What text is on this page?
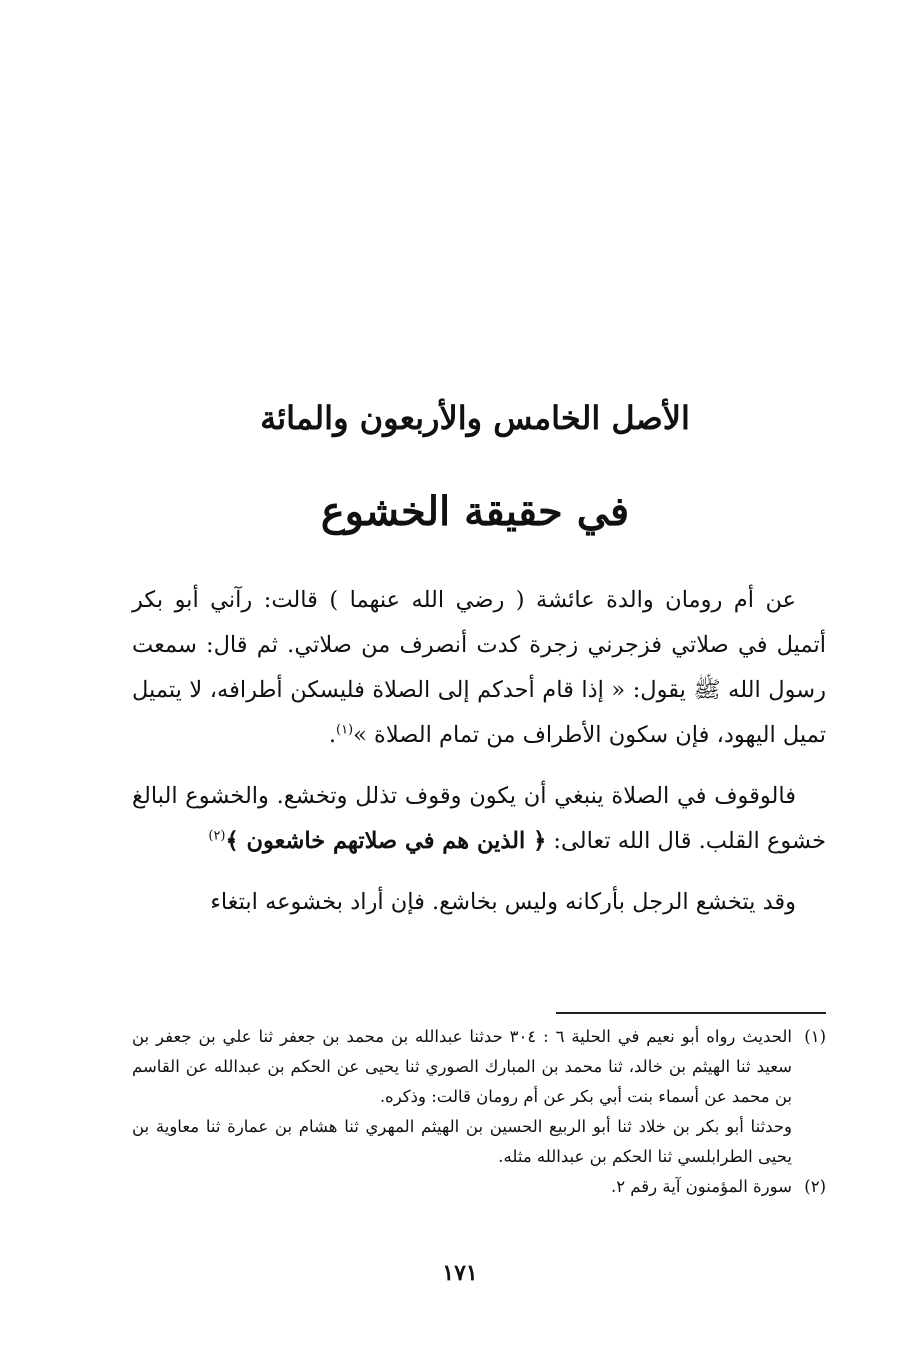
الأصل الخامس والأربعون والمائة
في حقيقة الخشوع

عن أم رومان والدة عائشة ( رضي الله عنهما ) قالت: رآني أبو بكر أتميل في صلاتي فزجرني زجرة كدت أنصرف من صلاتي. ثم قال: سمعت رسول الله ﷺ يقول: « إذا قام أحدكم إلى الصلاة فليسكن أطرافه، لا يتميل تميل اليهود، فإن سكون الأطراف من تمام الصلاة »$^{(١)}$.

فالوقوف في الصلاة ينبغي أن يكون وقوف تذلل وتخشع. والخشوع البالغ خشوع القلب. قال الله تعالى: ﴿ الذين هم في صلاتهم خاشعون ﴾$^{(٢)}$

وقد يتخشع الرجل بأركانه وليس بخاشع. فإن أراد بخشوعه ابتغاء

(١)
الحديث رواه أبو نعيم في الحلية ٦ : ٣٠٤ حدثنا عبدالله بن محمد بن جعفر ثنا علي بن جعفر بن سعيد ثنا الهيثم بن خالد، ثنا محمد بن المبارك الصوري ثنا يحيى عن الحكم بن عبدالله عن القاسم بن محمد عن أسماء بنت أبي بكر عن أم رومان قالت: وذكره.

وحدثنا أبو بكر بن خلاد ثنا أبو الربيع الحسين بن الهيثم المهري ثنا هشام بن عمارة ثنا معاوية بن يحيى الطرابلسي ثنا الحكم بن عبدالله مثله.

(٢)
سورة المؤمنون آية رقم ٢.

١٧١
